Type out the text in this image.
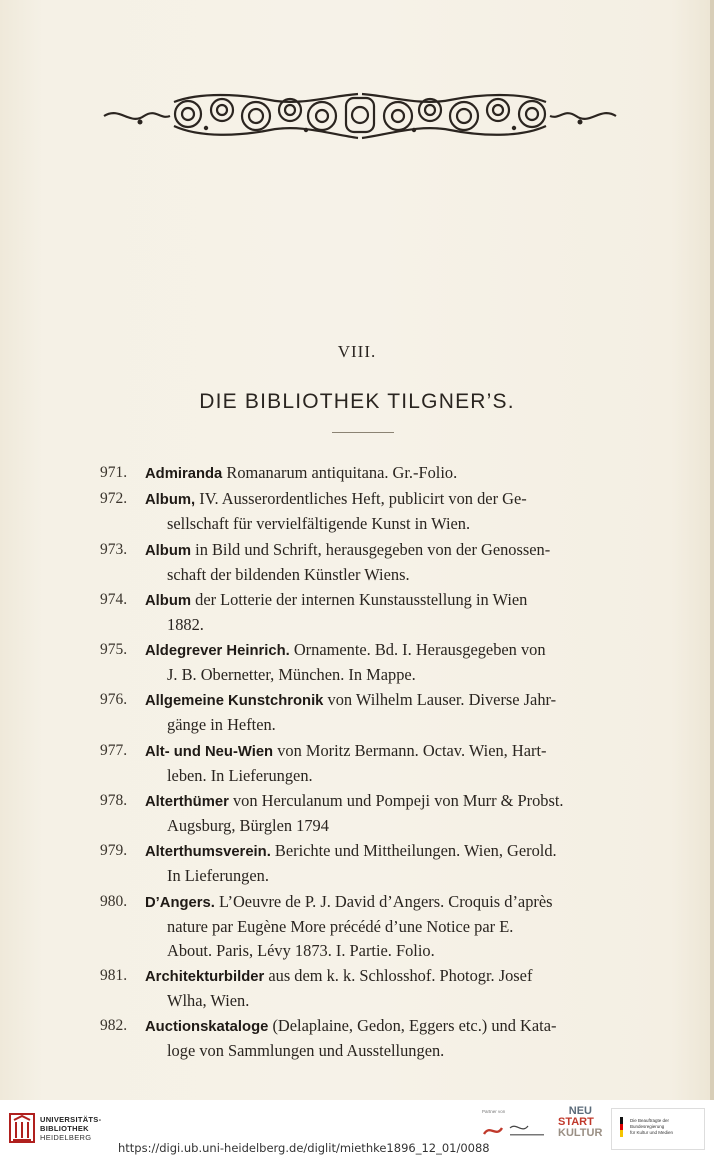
VIII.
DIE BIBLIOTHEK TILGNER’S.
971.	Admiranda Romanarum antiquitana. Gr.-Folio.
972.	Album, IV. Ausserordentliches Heft, publicirt von der Ge-
sellschaft für vervielfältigende Kunst in Wien.
973.	Album in Bild und Schrift, herausgegeben von der Genossen-
schaft der bildenden Künstler Wiens.
974.	Album der Lotterie der internen Kunstausstellung in Wien
1882.
975.	Aldegrever Heinrich. Ornamente. Bd. I. Herausgegeben von
J. B. Obernetter, München. In Mappe.
976.	Allgemeine Kunstchronik von Wilhelm Lauser. Diverse Jahr-
gänge in Heften.
977.	Alt- und Neu-Wien von Moritz Bermann. Octav. Wien, Hart-
leben. In Lieferungen.
978.	Alterthümer von Herculanum und Pompeji von Murr & Probst.
Augsburg, Bürglen 1794
979.	Alterthumsverein. Berichte und Mittheilungen. Wien, Gerold.
In Lieferungen.
980.	D’Angers. L’Oeuvre de P. J. David d’Angers. Croquis d’après
nature par Eugène More précédé d’une Notice par E.
About. Paris, Lévy 1873. I. Partie. Folio.
981.	Architekturbilder aus dem k. k. Schlosshof. Photogr. Josef
Wlha, Wien.
982.	Auctionskataloge (Delaplaine, Gedon, Eggers etc.) und Kata-
loge von Sammlungen und Ausstellungen.
UNIVERSITÄTS-
BIBLIOTHEK
HEIDELBERG
https://digi.ub.uni-heidelberg.de/diglit/miethke1896_12_01/0088
Partner von	NEU
START
KULTUR
Die Beauftragte der Bundesregierung
für Kultur und Medien
